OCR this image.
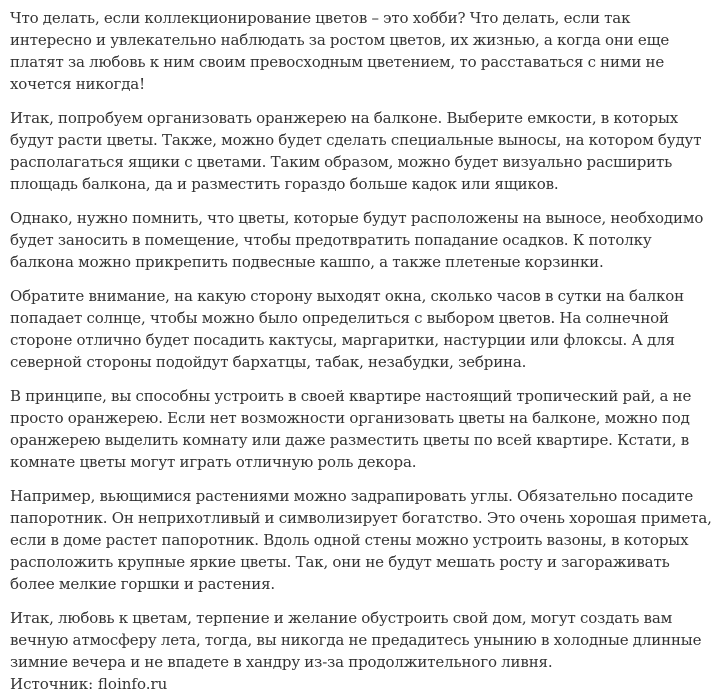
Что делать, если коллекционирование цветов – это хобби? Что делать, если так интересно и увлекательно наблюдать за ростом цветов, их жизнью, а когда они еще платят за любовь к ним своим превосходным цветением, то расставаться с ними не хочется никогда!

Итак, попробуем организовать оранжерею на балконе. Выберите емкости, в которых будут расти цветы. Также, можно будет сделать специальные выносы, на котором будут располагаться ящики с цветами. Таким образом, можно будет визуально расширить площадь балкона, да и разместить гораздо больше кадок или ящиков.

Однако, нужно помнить, что цветы, которые будут расположены на выносе, необходимо будет заносить в помещение, чтобы предотвратить попадание осадков. К потолку балкона можно прикрепить подвесные кашпо, а также плетеные корзинки.

Обратите внимание, на какую сторону выходят окна, сколько часов в сутки на балкон попадает солнце, чтобы можно было определиться с выбором цветов. На солнечной стороне отлично будет посадить кактусы, маргаритки, настурции или флоксы. А для северной стороны подойдут бархатцы, табак, незабудки, зебрина.

В принципе, вы способны устроить в своей квартире настоящий тропический рай, а не просто оранжерею. Если нет возможности организовать цветы на балконе, можно под оранжерею выделить комнату или даже разместить цветы по всей квартире. Кстати, в комнате цветы могут играть отличную роль декора.

Например, вьющимися растениями можно задрапировать углы. Обязательно посадите папоротник. Он неприхотливый и символизирует богатство. Это очень хорошая примета, если в доме растет папоротник. Вдоль одной стены можно устроить вазоны, в которых расположить крупные яркие цветы. Так, они не будут мешать росту и загораживать более мелкие горшки и растения.

Итак, любовь к цветам, терпение и желание обустроить свой дом, могут создать вам вечную атмосферу лета, тогда, вы никогда не предадитесь унынию в холодные длинные зимние вечера и не впадете в хандру из-за продолжительного ливня.

Источник: floinfo.ru
